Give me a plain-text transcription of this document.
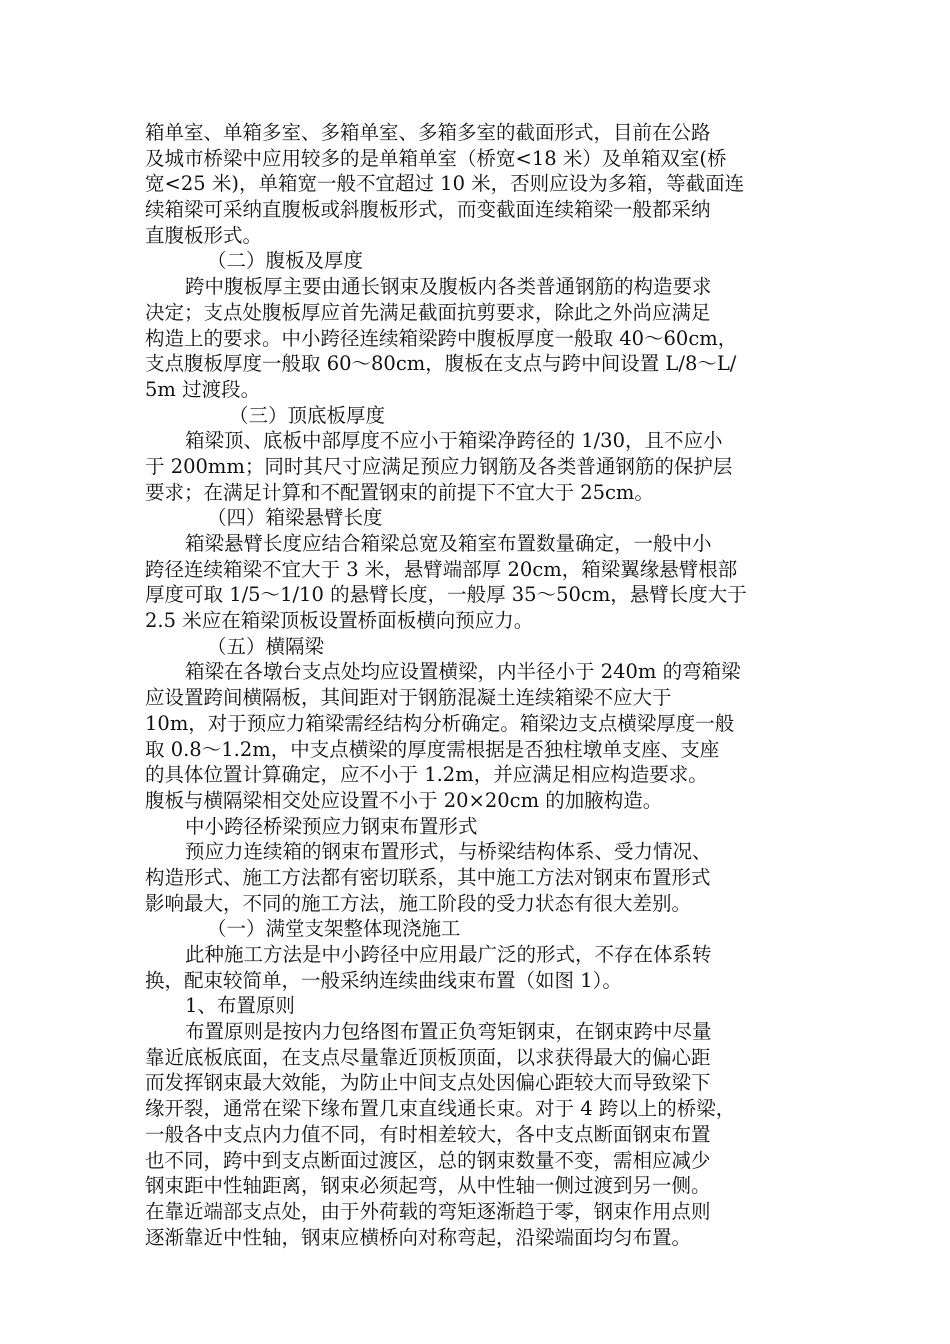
箱单室、单箱多室、多箱单室、多箱多室的截面形式，目前在公路
及城市桥梁中应用较多的是单箱单室（桥宽<18 米）及单箱双室(桥
宽<25 米)，单箱宽一般不宜超过 10 米，否则应设为多箱，等截面连
续箱梁可采纳直腹板或斜腹板形式，而变截面连续箱梁一般都采纳
直腹板形式。
（二）腹板及厚度
跨中腹板厚主要由通长钢束及腹板内各类普通钢筋的构造要求
决定；支点处腹板厚应首先满足截面抗剪要求，除此之外尚应满足
构造上的要求。中小跨径连续箱梁跨中腹板厚度一般取 40～60cm，
支点腹板厚度一般取 60～80cm，腹板在支点与跨中间设置 L/8～L/
5m 过渡段。
（三）顶底板厚度
箱梁顶、底板中部厚度不应小于箱梁净跨径的 1/30，且不应小
于 200mm；同时其尺寸应满足预应力钢筋及各类普通钢筋的保护层
要求；在满足计算和不配置钢束的前提下不宜大于 25cm。
（四）箱梁悬臂长度
箱梁悬臂长度应结合箱梁总宽及箱室布置数量确定，一般中小
跨径连续箱梁不宜大于 3 米，悬臂端部厚 20cm，箱梁翼缘悬臂根部
厚度可取 1/5～1/10 的悬臂长度，一般厚 35～50cm，悬臂长度大于
2.5 米应在箱梁顶板设置桥面板横向预应力。
（五）横隔梁
箱梁在各墩台支点处均应设置横梁，内半径小于 240m 的弯箱梁
应设置跨间横隔板，其间距对于钢筋混凝土连续箱梁不应大于
10m，对于预应力箱梁需经结构分析确定。箱梁边支点横梁厚度一般
取 0.8～1.2m，中支点横梁的厚度需根据是否独柱墩单支座、支座
的具体位置计算确定，应不小于 1.2m，并应满足相应构造要求。
腹板与横隔梁相交处应设置不小于 20×20cm 的加腋构造。
中小跨径桥梁预应力钢束布置形式
预应力连续箱的钢束布置形式，与桥梁结构体系、受力情况、
构造形式、施工方法都有密切联系，其中施工方法对钢束布置形式
影响最大，不同的施工方法，施工阶段的受力状态有很大差别。
（一）满堂支架整体现浇施工
此种施工方法是中小跨径中应用最广泛的形式，不存在体系转
换，配束较简单，一般采纳连续曲线束布置（如图 1）。
1、布置原则
布置原则是按内力包络图布置正负弯矩钢束，在钢束跨中尽量
靠近底板底面，在支点尽量靠近顶板顶面，以求获得最大的偏心距
而发挥钢束最大效能，为防止中间支点处因偏心距较大而导致梁下
缘开裂，通常在梁下缘布置几束直线通长束。对于 4 跨以上的桥梁，
一般各中支点内力值不同，有时相差较大，各中支点断面钢束布置
也不同，跨中到支点断面过渡区，总的钢束数量不变，需相应减少
钢束距中性轴距离，钢束必须起弯，从中性轴一侧过渡到另一侧。
在靠近端部支点处，由于外荷载的弯矩逐渐趋于零，钢束作用点则
逐渐靠近中性轴，钢束应横桥向对称弯起，沿梁端面均匀布置。
